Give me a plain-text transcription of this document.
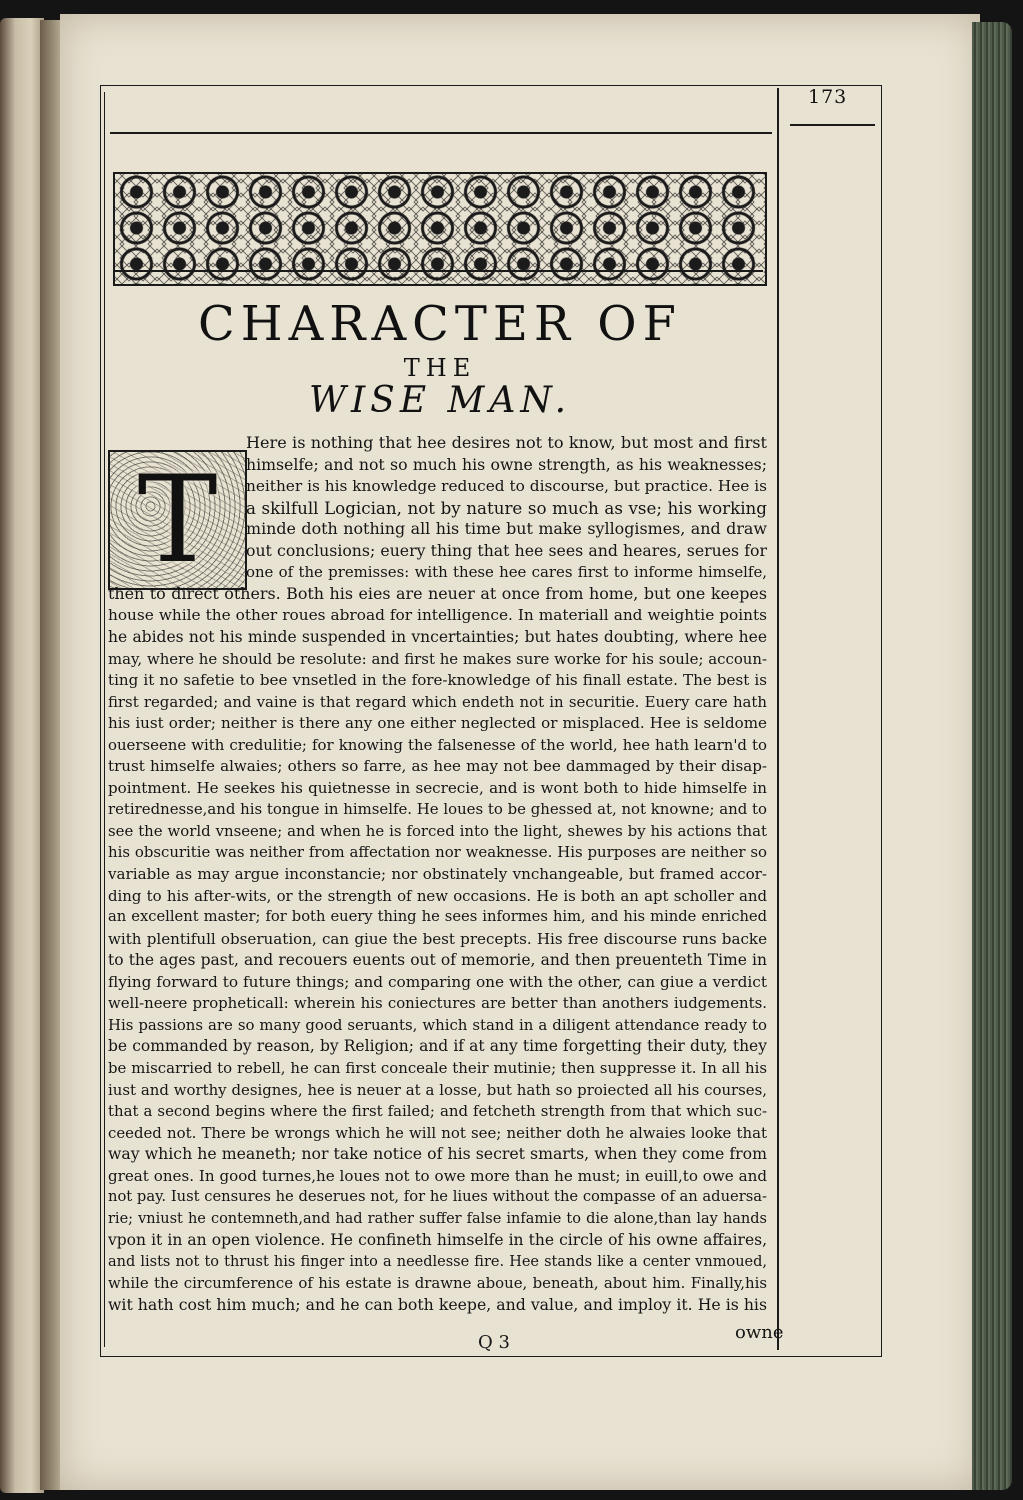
173
CHARACTER OF
THE
WISE MAN.
T
Here is nothing that hee desires not to know, but most and first
himselfe; and not so much his owne strength, as his weaknesses;
neither is his knowledge reduced to discourse, but practice. Hee is
a skilfull Logician, not by nature so much as vse; his working
minde doth nothing all his time but make syllogismes, and draw
out conclusions; euery thing that hee sees and heares, serues for
one of the premisses: with these hee cares first to informe himselfe,
then to direct others. Both his eies are neuer at once from home, but one keepes
house while the other roues abroad for intelligence. In materiall and weightie points
he abides not his minde suspended in vncertainties; but hates doubting, where hee
may, where he should be resolute: and first he makes sure worke for his soule; accoun-
ting it no safetie to bee vnsetled in the fore-knowledge of his finall estate. The best is
first regarded; and vaine is that regard which endeth not in securitie. Euery care hath
his iust order; neither is there any one either neglected or misplaced. Hee is seldome
ouerseene with credulitie; for knowing the falsenesse of the world, hee hath learn'd to
trust himselfe alwaies; others so farre, as hee may not bee dammaged by their disap-
pointment. He seekes his quietnesse in secrecie, and is wont both to hide himselfe in
retirednesse,and his tongue in himselfe. He loues to be ghessed at, not knowne; and to
see the world vnseene; and when he is forced into the light, shewes by his actions that
his obscuritie was neither from affectation nor weaknesse. His purposes are neither so
variable as may argue inconstancie; nor obstinately vnchangeable, but framed accor-
ding to his after-wits, or the strength of new occasions. He is both an apt scholler and
an excellent master; for both euery thing he sees informes him, and his minde enriched
with plentifull obseruation, can giue the best precepts. His free discourse runs backe
to the ages past, and recouers euents out of memorie, and then preuenteth Time in
flying forward to future things; and comparing one with the other, can giue a verdict
well-neere propheticall: wherein his coniectures are better than anothers iudgements.
His passions are so many good seruants, which stand in a diligent attendance ready to
be commanded by reason, by Religion; and if at any time forgetting their duty, they
be miscarried to rebell, he can first conceale their mutinie; then suppresse it. In all his
iust and worthy designes, hee is neuer at a losse, but hath so proiected all his courses,
that a second begins where the first failed; and fetcheth strength from that which suc-
ceeded not. There be wrongs which he will not see; neither doth he alwaies looke that
way which he meaneth; nor take notice of his secret smarts, when they come from
great ones. In good turnes,he loues not to owe more than he must; in euill,to owe and
not pay. Iust censures he deserues not, for he liues without the compasse of an aduersa-
rie; vniust he contemneth,and had rather suffer false infamie to die alone,than lay hands
vpon it in an open violence. He confineth himselfe in the circle of his owne affaires,
and lists not to thrust his finger into a needlesse fire. Hee stands like a center vnmoued,
while the circumference of his estate is drawne aboue, beneath, about him. Finally,his
wit hath cost him much; and he can both keepe, and value, and imploy it. He is his
owne
Q 3
